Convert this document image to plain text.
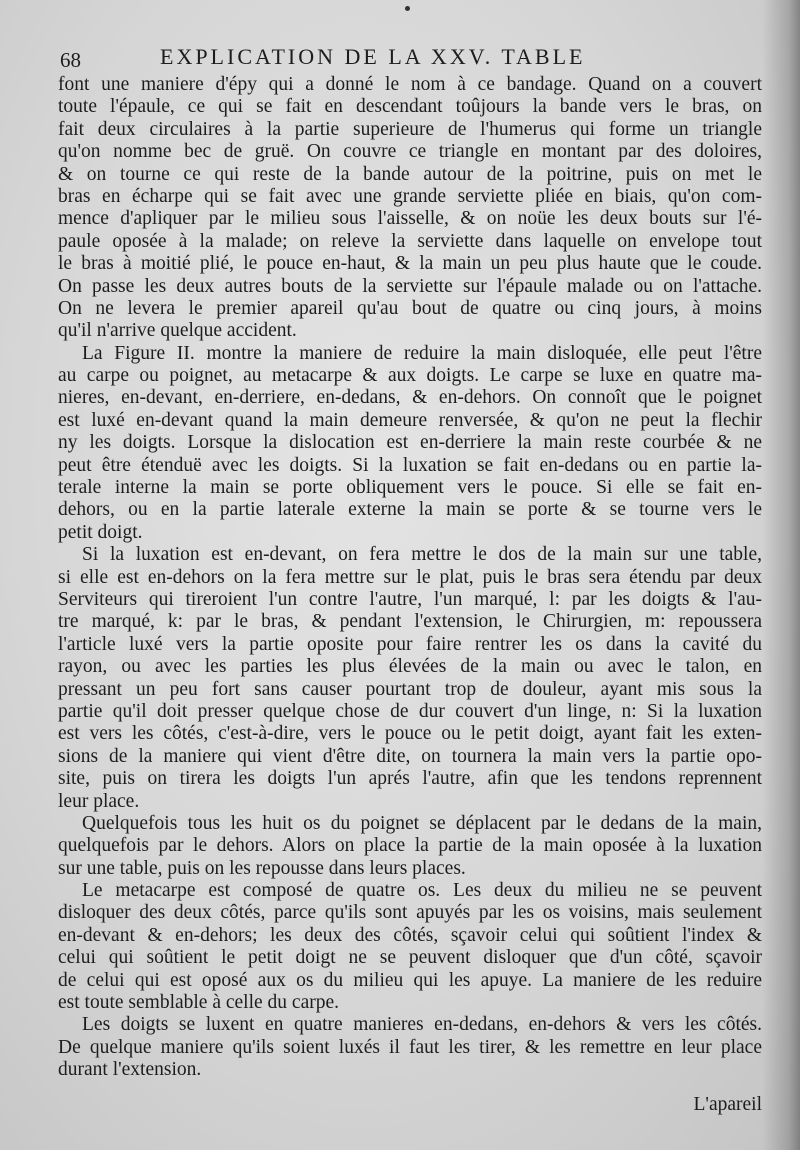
68	EXPLICATION DE LA XXV. TABLE
font une maniere d'épy qui a donné le nom à ce bandage. Quand on a couvert
toute l'épaule, ce qui se fait en descendant toûjours la bande vers le bras, on
fait deux circulaires à la partie superieure de l'humerus qui forme un triangle
qu'on nomme bec de gruë. On couvre ce triangle en montant par des doloires,
& on tourne ce qui reste de la bande autour de la poitrine, puis on met le
bras en écharpe qui se fait avec une grande serviette pliée en biais, qu'on com-
mence d'apliquer par le milieu sous l'aisselle, & on noüe les deux bouts sur l'é-
paule oposée à la malade; on releve la serviette dans laquelle on envelope tout
le bras à moitié plié, le pouce en-haut, & la main un peu plus haute que le coude.
On passe les deux autres bouts de la serviette sur l'épaule malade ou on l'attache.
On ne levera le premier apareil qu'au bout de quatre ou cinq jours, à moins
qu'il n'arrive quelque accident.
La Figure II. montre la maniere de reduire la main disloquée, elle peut l'être
au carpe ou poignet, au metacarpe & aux doigts. Le carpe se luxe en quatre ma-
nieres, en-devant, en-derriere, en-dedans, & en-dehors. On connoît que le poignet
est luxé en-devant quand la main demeure renversée, & qu'on ne peut la flechir
ny les doigts. Lorsque la dislocation est en-derriere la main reste courbée & ne
peut être étenduë avec les doigts. Si la luxation se fait en-dedans ou en partie la-
terale interne la main se porte obliquement vers le pouce. Si elle se fait en-
dehors, ou en la partie laterale externe la main se porte & se tourne vers le
petit doigt.
Si la luxation est en-devant, on fera mettre le dos de la main sur une table,
si elle est en-dehors on la fera mettre sur le plat, puis le bras sera étendu par deux
Serviteurs qui tireroient l'un contre l'autre, l'un marqué, l: par les doigts & l'au-
tre marqué, k: par le bras, & pendant l'extension, le Chirurgien, m: repoussera
l'article luxé vers la partie oposite pour faire rentrer les os dans la cavité du
rayon, ou avec les parties les plus élevées de la main ou avec le talon, en
pressant un peu fort sans causer pourtant trop de douleur, ayant mis sous la
partie qu'il doit presser quelque chose de dur couvert d'un linge, n: Si la luxation
est vers les côtés, c'est-à-dire, vers le pouce ou le petit doigt, ayant fait les exten-
sions de la maniere qui vient d'être dite, on tournera la main vers la partie opo-
site, puis on tirera les doigts l'un aprés l'autre, afin que les tendons reprennent
leur place.
Quelquefois tous les huit os du poignet se déplacent par le dedans de la main,
quelquefois par le dehors. Alors on place la partie de la main oposée à la luxation
sur une table, puis on les repousse dans leurs places.
Le metacarpe est composé de quatre os. Les deux du milieu ne se peuvent
disloquer des deux côtés, parce qu'ils sont apuyés par les os voisins, mais seulement
en-devant & en-dehors; les deux des côtés, sçavoir celui qui soûtient l'index &
celui qui soûtient le petit doigt ne se peuvent disloquer que d'un côté, sçavoir
de celui qui est oposé aux os du milieu qui les apuye. La maniere de les reduire
est toute semblable à celle du carpe.
Les doigts se luxent en quatre manieres en-dedans, en-dehors & vers les côtés.
De quelque maniere qu'ils soient luxés il faut les tirer, & les remettre en leur place
durant l'extension.
L'apareil
